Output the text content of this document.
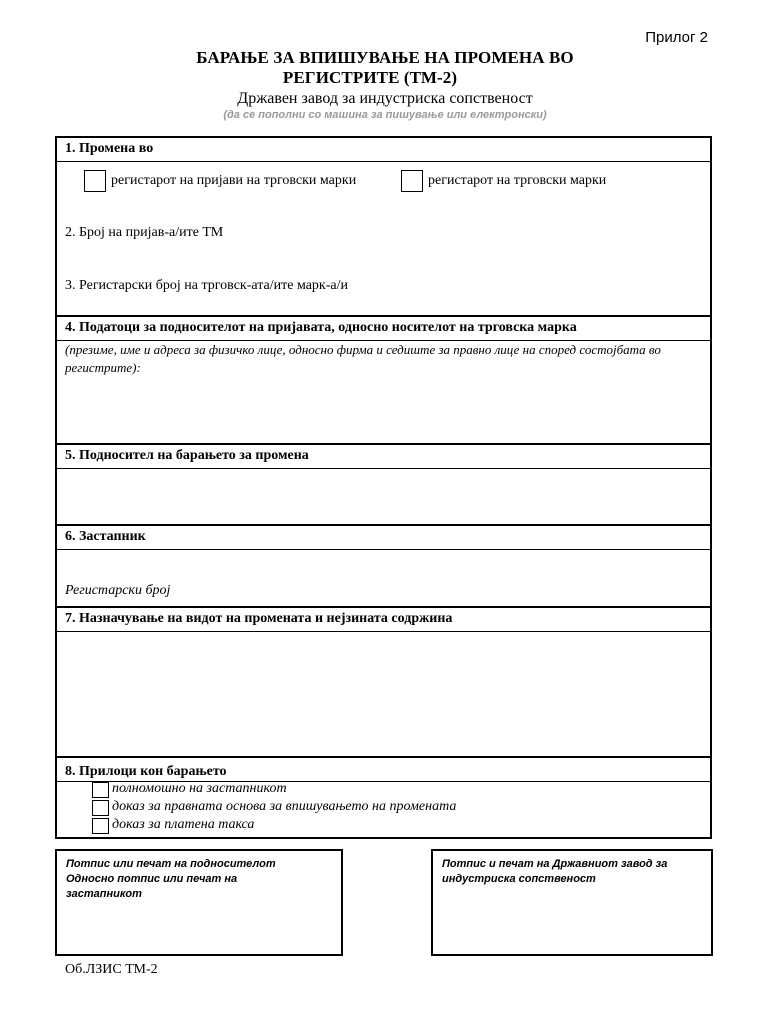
Прилог 2
БАРАЊЕ ЗА ВПИШУВАЊЕ НА ПРОМЕНА ВО
РЕГИСТРИТЕ (ТМ-2)
Државен завод за индустриска сопственост
(да се пополни со машина за пишување или електронски)
1. Промена во
регистарот на пријави на трговски марки	регистарот на трговски марки
2. Број на пријав-а/ите ТМ
3. Регистарски број на трговск-ата/ите марк-а/и
4. Податоци за подносителот на пријавата, односно носителот на трговска марка
(презиме, име и адреса за физичко лице, односно фирма и седиште за правно лице на според состојбата во регистрите):
5. Подносител на барањето за промена
6. Застапник
Регистарски број
7. Назначување на видот на промената и нејзината содржина
8. Прилоци кон барањето
полномошно на застапникот
доказ за правната основа за впишувањето на промената
доказ за платена такса
Потпис или печат на подносителот Односно потпис или печат на застапникот
Потпис и печат на Државниот завод за индустриска сопственост
Об.ЛЗИС ТМ-2
